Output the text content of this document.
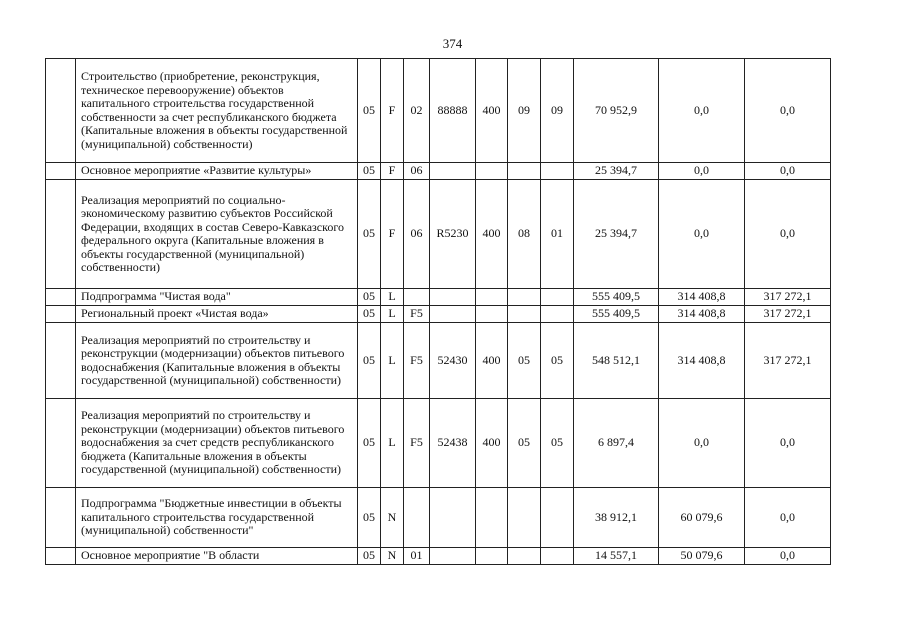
374
	Строительство (приобретение, реконструкция, техническое перевооружение) объектов капитального строительства государственной собственности за счет республиканского бюджета (Капитальные вложения в объекты государственной (муниципальной) собственности)	05	F	02	88888	400	09	09	70 952,9	0,0	0,0
	Основное мероприятие «Развитие культуры»	05	F	06					25 394,7	0,0	0,0
	Реализация мероприятий по социально-экономическому развитию субъектов Российской Федерации, входящих в состав Северо-Кавказского федерального округа (Капитальные вложения в объекты государственной (муниципальной) собственности)	05	F	06	R5230	400	08	01	25 394,7	0,0	0,0
	Подпрограмма "Чистая вода"	05	L						555 409,5	314 408,8	317 272,1
	Региональный проект «Чистая вода»	05	L	F5					555 409,5	314 408,8	317 272,1
	Реализация мероприятий по строительству и реконструкции (модернизации) объектов питьевого водоснабжения (Капитальные вложения в объекты государственной (муниципальной) собственности)	05	L	F5	52430	400	05	05	548 512,1	314 408,8	317 272,1
	Реализация мероприятий по строительству и реконструкции (модернизации) объектов питьевого водоснабжения за счет средств республиканского бюджета (Капитальные вложения в объекты государственной (муниципальной) собственности)	05	L	F5	52438	400	05	05	6 897,4	0,0	0,0
	Подпрограмма "Бюджетные инвестиции в объекты капитального строительства государственной (муниципальной) собственности"	05	N						38 912,1	60 079,6	0,0
	Основное мероприятие "В области	05	N	01					14 557,1	50 079,6	0,0
